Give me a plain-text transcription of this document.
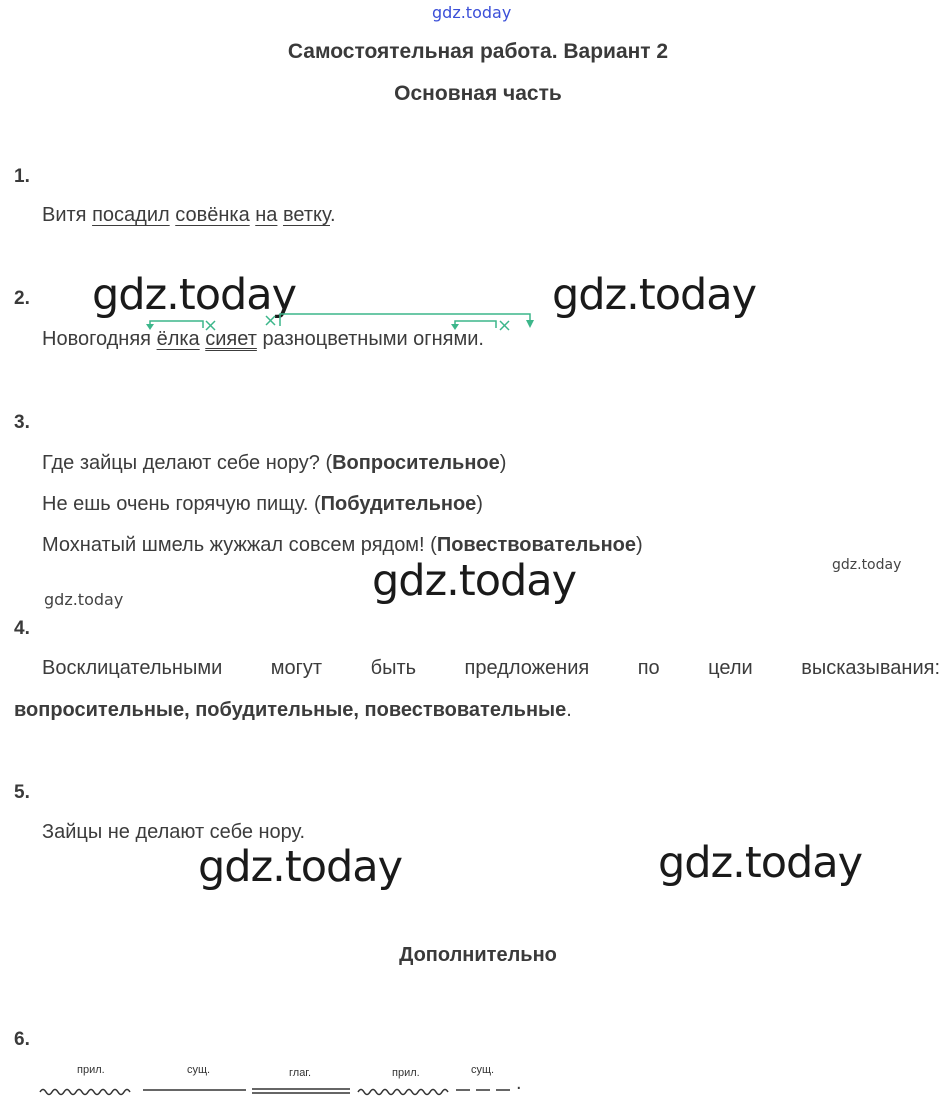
gdz.today
Самостоятельная работа. Вариант 2
Основная часть
1.
Витя посадил совёнка на ветку.
2. gdz.today	gdz.today
Новогодняя ёлка сияет разноцветными огнями.
3.
Где зайцы делают себе нору? (Вопросительное)
Не ешь очень горячую пищу. (Побудительное)
Мохнатый шмель жужжал совсем рядом! (Повествовательное)
gdz.today
gdz.today
gdz.today
4.
Восклицательными могут быть предложения по цели высказывания:
вопросительные, побудительные, повествовательные.
5.
Зайцы не делают себе нору.
gdz.today	gdz.today
Дополнительно
6.
прил.	сущ.	глаг.	прил.	сущ.
.
